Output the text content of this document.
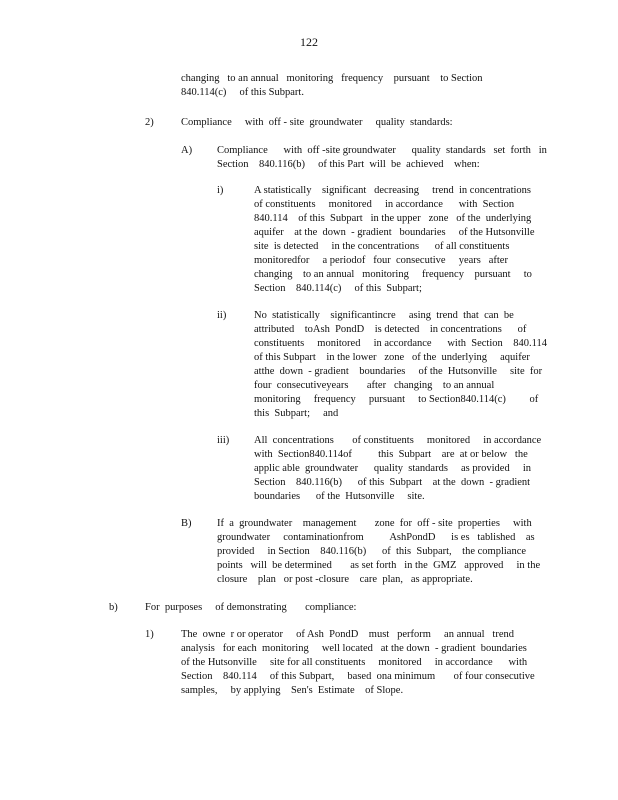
122
changing   to an annual   monitoring   frequency    pursuant    to Section
840.114(c)     of this Subpart.
2)	Compliance     with  off - site  groundwater     quality  standards:
A) Compliance      with  off -site groundwater      quality  standards   set  forth   in
Section    840.116(b)     of this Part  will  be  achieved    when:
i)	A statistically    significant   decreasing     trend  in concentrations
of constituents     monitored     in accordance      with  Section
840.114    of this  Subpart   in the upper   zone   of the  underlying
aquifer    at the  down  - gradient   boundaries     of the Hutsonville
site  is detected     in the concentrations      of all constituents
monitoredfor     a periodof   four  consecutive     years   after
changing    to an annual   monitoring     frequency    pursuant     to
Section    840.114(c)     of this  Subpart;
ii)	No  statistically    significantincre     asing  trend  that  can  be
attributed    toAsh  PondD    is detected    in concentrations      of
constituents     monitored     in accordance      with  Section    840.114
of this Subpart    in the lower   zone   of the  underlying     aquifer
atthe  down  - gradient    boundaries     of the  Hutsonville     site  for
four  consecutiveyears       after   changing    to an annual
monitoring     frequency     pursuant     to Section840.114(c)         of
this  Subpart;     and
iii) All  concentrations       of constituents     monitored     in accordance
with  Section840.114of          this  Subpart    are  at or below   the
applic able  groundwater      quality  standards     as provided     in
Section    840.116(b)      of this  Subpart    at the  down  - gradient
boundaries      of the  Hutsonville     site.
B) If  a  groundwater    management       zone  for  off - site  properties     with
groundwater     contaminationfrom          AshPondD      is es   tablished    as
provided     in Section    840.116(b)      of  this  Subpart,    the compliance
points   will  be determined       as set forth   in the  GMZ   approved     in the
closure    plan   or post -closure    care  plan,   as appropriate.
b)	For  purposes     of demonstrating       compliance:
1)	The  owne  r or operator     of Ash  PondD    must   perform     an annual   trend
analysis   for each  monitoring     well located   at the down  - gradient  boundaries
of the Hutsonville     site for all constituents     monitored     in accordance      with
Section    840.114     of this Subpart,     based  ona minimum       of four consecutive
samples,     by applying    Sen's  Estimate    of Slope.
